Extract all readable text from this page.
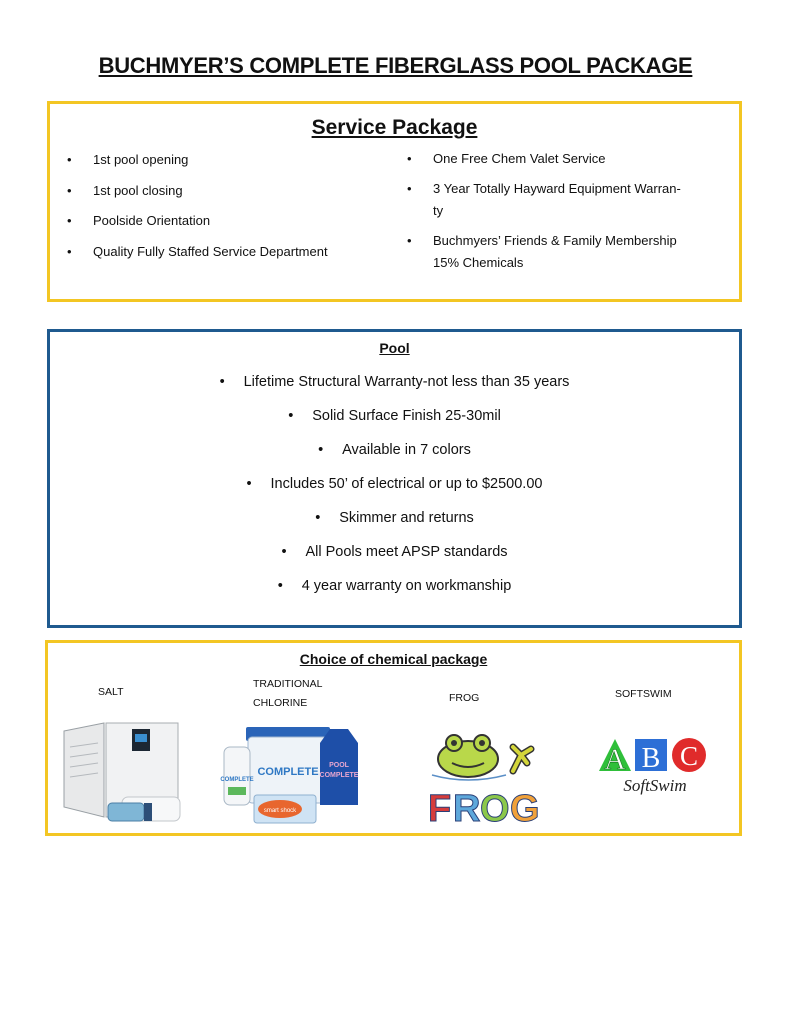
BUCHMYER’S COMPLETE FIBERGLASS POOL PACKAGE
Service Package
• 1st pool opening
• 1st pool closing
• Poolside Orientation
• Quality Fully Staffed Service Department
• One Free Chem Valet Service
• 3 Year Totally Hayward Equipment Warran-
ty
• Buchmyers’ Friends & Family Membership
15% Chemicals
Pool
• Lifetime Structural Warranty-not less than 35 years
• Solid Surface Finish 25-30mil
• Available in 7 colors
• Includes 50’ of electrical or up to $2500.00
• Skimmer and returns
• All Pools meet APSP standards
• 4 year warranty on workmanship
Choice of chemical package
SALT
TRADITIONAL
CHLORINE	FROG	SOFTSWIM
COMPLETE
COMPLETE
POOL
COMPLETE
smart shock	F R O G
A B C
SoftSwim
